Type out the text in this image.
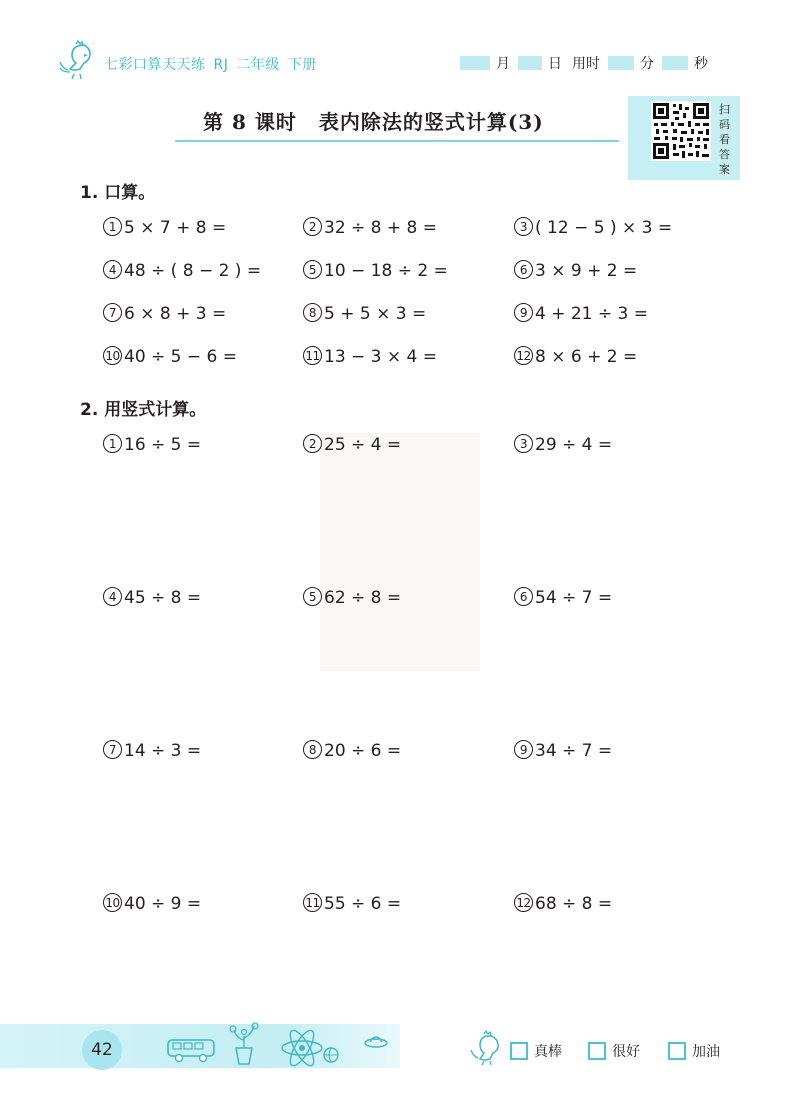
七彩口算天天练 RJ 二年级 下册	月	日 用时	分	秒
第 8 课时 表内除法的竖式计算(3)
扫码看答案
1. 口算。
1 5 × 7 + 8 =	2 32 ÷ 8 + 8 =	3 ( 12 − 5 ) × 3 =
4 48 ÷ ( 8 − 2 ) =	5 10 − 18 ÷ 2 =	6 3 × 9 + 2 =
7 6 × 8 + 3 =	8 5 + 5 × 3 =	9 4 + 21 ÷ 3 =
10 40 ÷ 5 − 6 =	11 13 − 3 × 4 =	12 8 × 6 + 2 =
2. 用竖式计算。
1 16 ÷ 5 =	2 25 ÷ 4 =	3 29 ÷ 4 =
4 45 ÷ 8 =	5 62 ÷ 8 =	6 54 ÷ 7 =
7 14 ÷ 3 =	8 20 ÷ 6 =	9 34 ÷ 7 =
10 40 ÷ 9 =	11 55 ÷ 6 =	12 68 ÷ 8 =
42	真棒	很好	加油
